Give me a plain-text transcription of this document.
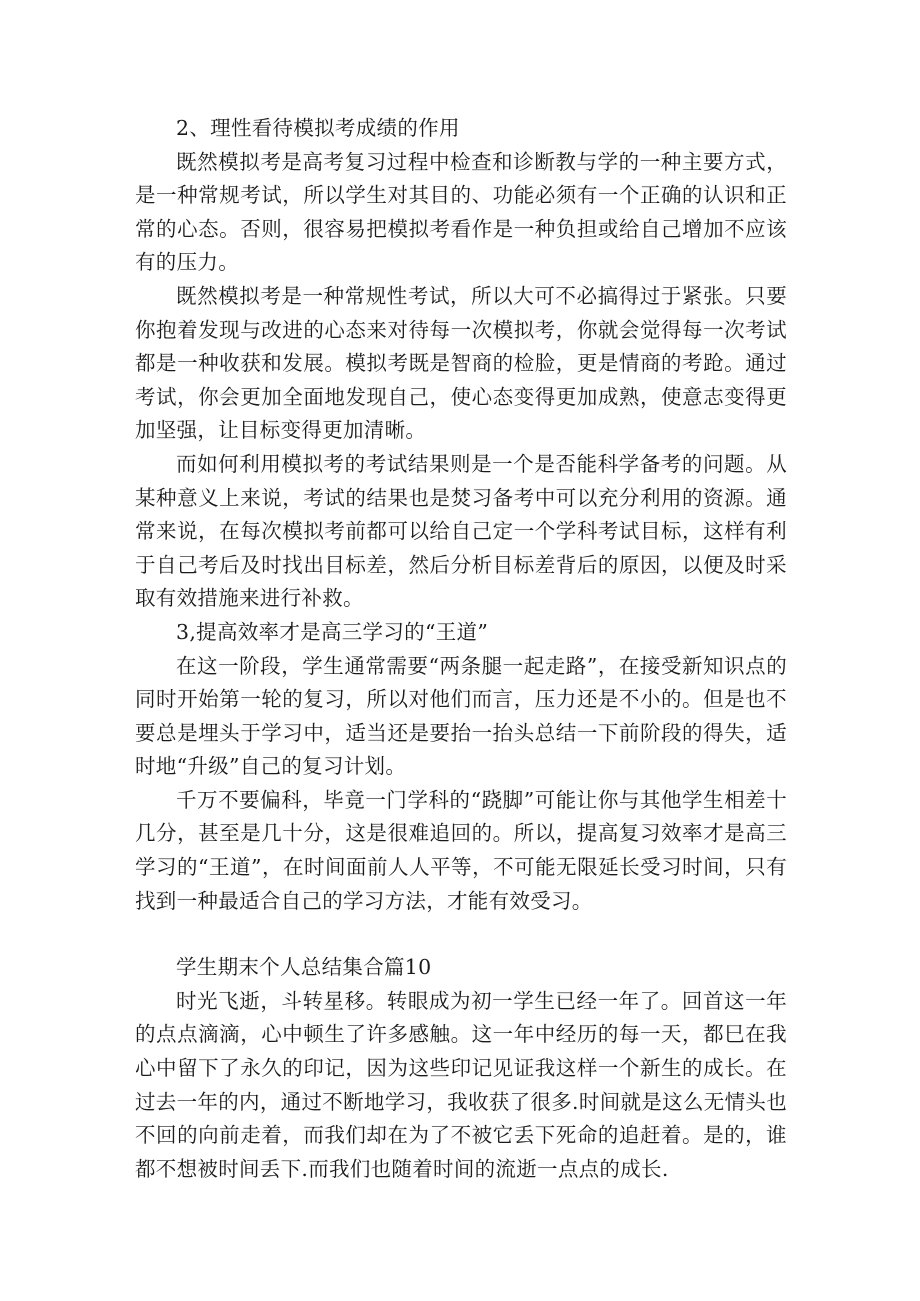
2、理性看待模拟考成绩的作用

既然模拟考是高考复习过程中检查和诊断教与学的一种主要方式，是一种常规考试，所以学生对其目的、功能必须有一个正确的认识和正常的心态。否则，很容易把模拟考看作是一种负担或给自己增加不应该有的压力。

既然模拟考是一种常规性考试，所以大可不必搞得过于紧张。只要你抱着发现与改进的心态来对待每一次模拟考，你就会觉得每一次考试都是一种收获和发展。模拟考既是智商的检脸，更是情商的考跄。通过考试，你会更加全面地发现自己，使心态变得更加成熟，使意志变得更加坚强，让目标变得更加清晰。

而如何利用模拟考的考试结果则是一个是否能科学备考的问题。从某种意义上来说，考试的结果也是焚习备考中可以充分利用的资源。通常来说，在每次模拟考前都可以给自己定一个学科考试目标，这样有利于自己考后及时找出目标差，然后分析目标差背后的原因，以便及时采取有效措施来进行补救。

3,提高效率才是高三学习的“王道”

在这一阶段，学生通常需要“两条腿一起走路”，在接受新知识点的同时开始第一轮的复习，所以对他们而言，压力还是不小的。但是也不要总是埋头于学习中，适当还是要抬一抬头总结一下前阶段的得失，适时地“升级”自己的复习计划。

千万不要偏科，毕竟一门学科的“跷脚”可能让你与其他学生相差十几分，甚至是几十分，这是很难追回的。所以，提高复习效率才是高三学习的“王道”，在时间面前人人平等，不可能无限延长受习时间，只有找到一种最适合自己的学习方法，才能有效受习。

学生期末个人总结集合篇10

时光飞逝，斗转星移。转眼成为初一学生已经一年了。回首这一年的点点滴滴，心中顿生了许多感触。这一年中经历的每一天，都巳在我心中留下了永久的印记，因为这些印记见证我这样一个新生的成长。在过去一年的内，通过不断地学习，我收获了很多.时间就是这么无情头也不回的向前走着，而我们却在为了不被它丢下死命的追赶着。是的，谁都不想被时间丢下.而我们也随着时间的流逝一点点的成长.
